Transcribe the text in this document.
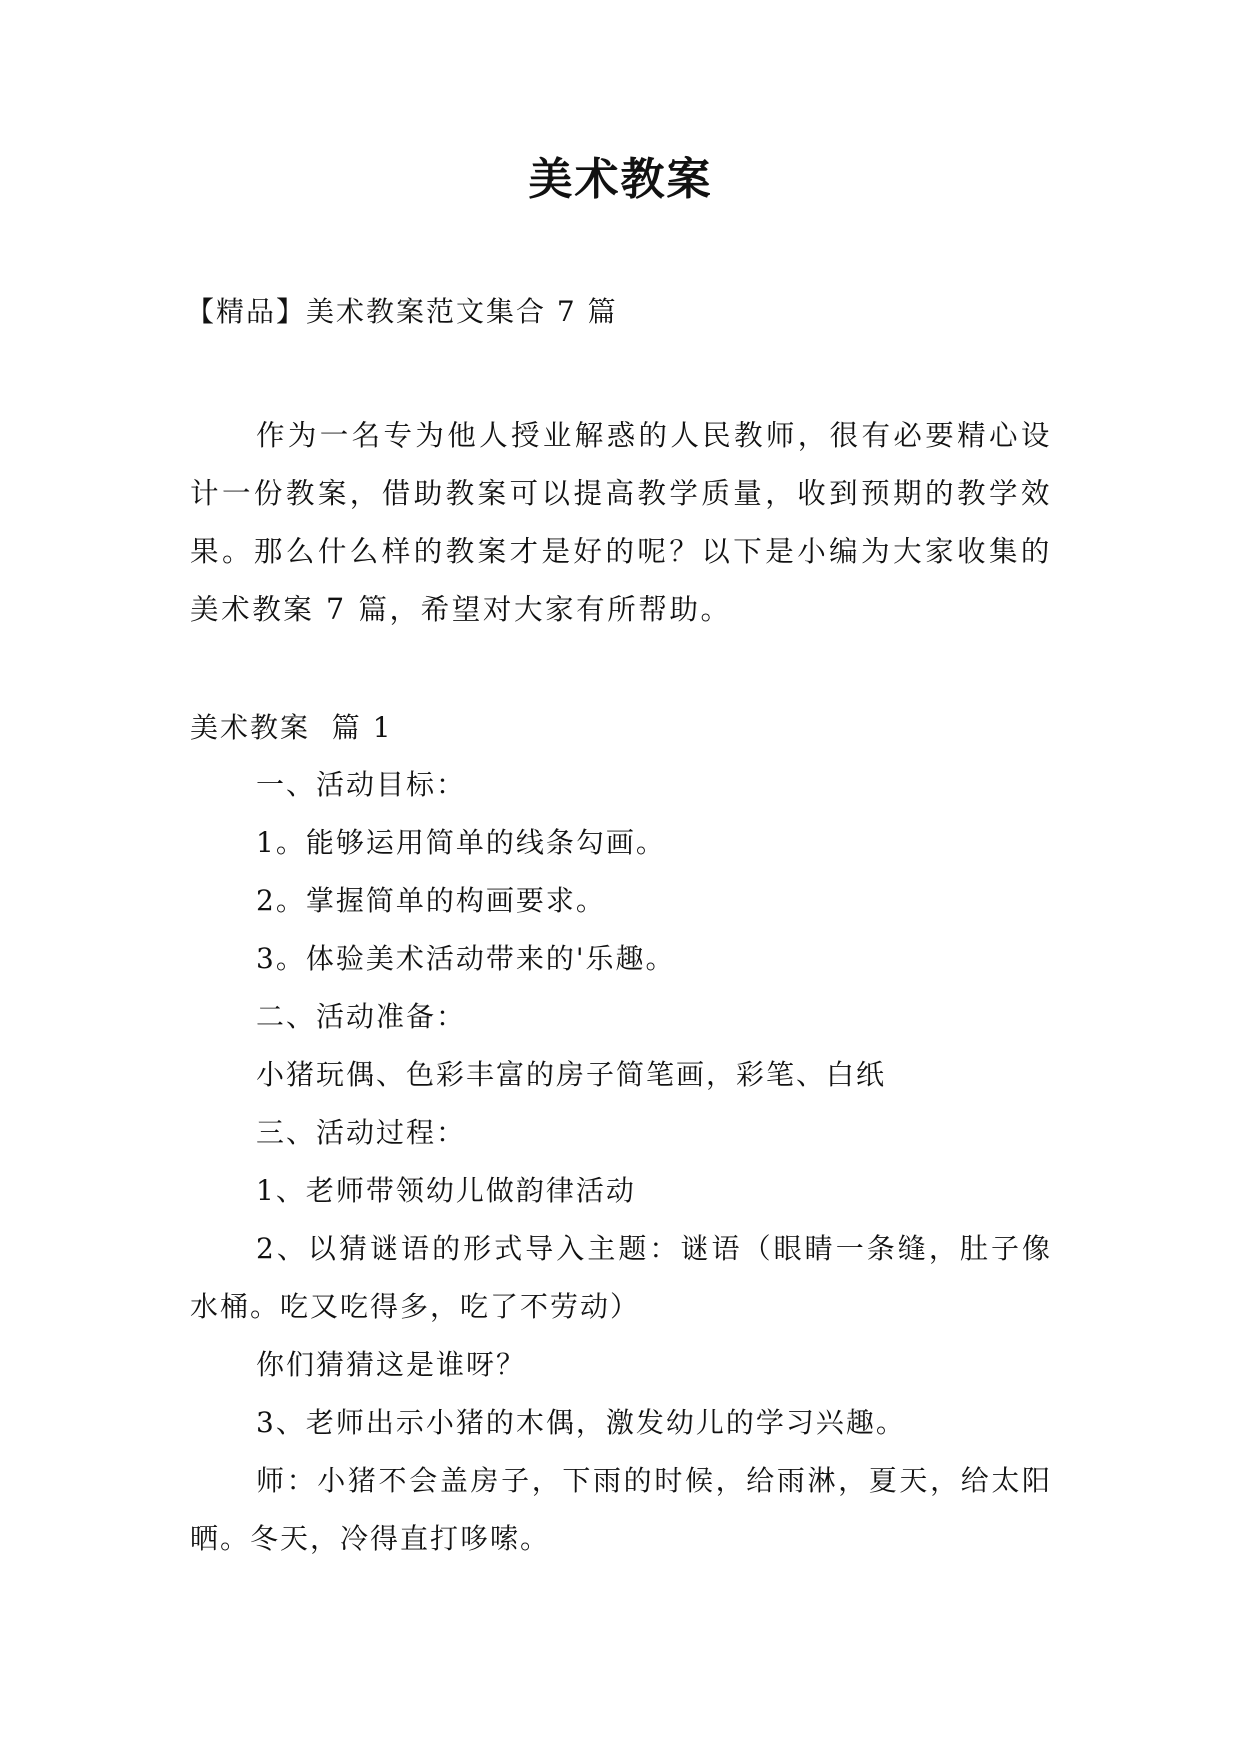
美术教案
【精品】美术教案范文集合 7 篇
作为一名专为他人授业解惑的人民教师，很有必要精心设计一份教案，借助教案可以提高教学质量，收到预期的教学效果。那么什么样的教案才是好的呢？以下是小编为大家收集的美术教案 7 篇，希望对大家有所帮助。
美术教案  篇 1

一、活动目标：

1。能够运用简单的线条勾画。

2。掌握简单的构画要求。

3。体验美术活动带来的'乐趣。

二、活动准备：

小猪玩偶、色彩丰富的房子简笔画，彩笔、白纸

三、活动过程：

1、老师带领幼儿做韵律活动

2、以猜谜语的形式导入主题：谜语（眼睛一条缝，肚子像水桶。吃又吃得多，吃了不劳动）

你们猜猜这是谁呀？

3、老师出示小猪的木偶，激发幼儿的学习兴趣。

师：小猪不会盖房子，下雨的时候，给雨淋，夏天，给太阳晒。冬天，冷得直打哆嗦。
